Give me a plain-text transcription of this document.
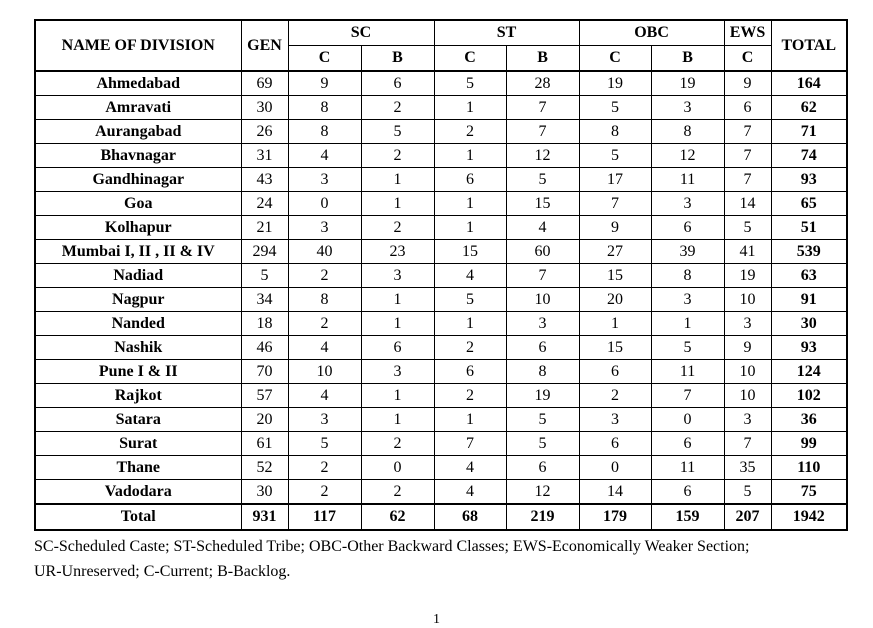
NAME OF DIVISION	GEN	SC		ST		OBC		EWS	TOTAL
		C	B	C	B	C	B	C	
Ahmedabad	69	9	6	5	28	19	19	9	164
Amravati	30	8	2	1	7	5	3	6	62
Aurangabad	26	8	5	2	7	8	8	7	71
Bhavnagar	31	4	2	1	12	5	12	7	74
Gandhinagar	43	3	1	6	5	17	11	7	93
Goa	24	0	1	1	15	7	3	14	65
Kolhapur	21	3	2	1	4	9	6	5	51
Mumbai I, II , II & IV	294	40	23	15	60	27	39	41	539
Nadiad	5	2	3	4	7	15	8	19	63
Nagpur	34	8	1	5	10	20	3	10	91
Nanded	18	2	1	1	3	1	1	3	30
Nashik	46	4	6	2	6	15	5	9	93
Pune I & II	70	10	3	6	8	6	11	10	124
Rajkot	57	4	1	2	19	2	7	10	102
Satara	20	3	1	1	5	3	0	3	36
Surat	61	5	2	7	5	6	6	7	99
Thane	52	2	0	4	6	0	11	35	110
Vadodara	30	2	2	4	12	14	6	5	75
Total	931	117	62	68	219	179	159	207	1942
SC-Scheduled Caste; ST-Scheduled Tribe; OBC-Other Backward Classes; EWS-Economically Weaker Section;
UR-Unreserved; C-Current; B-Backlog.
1
